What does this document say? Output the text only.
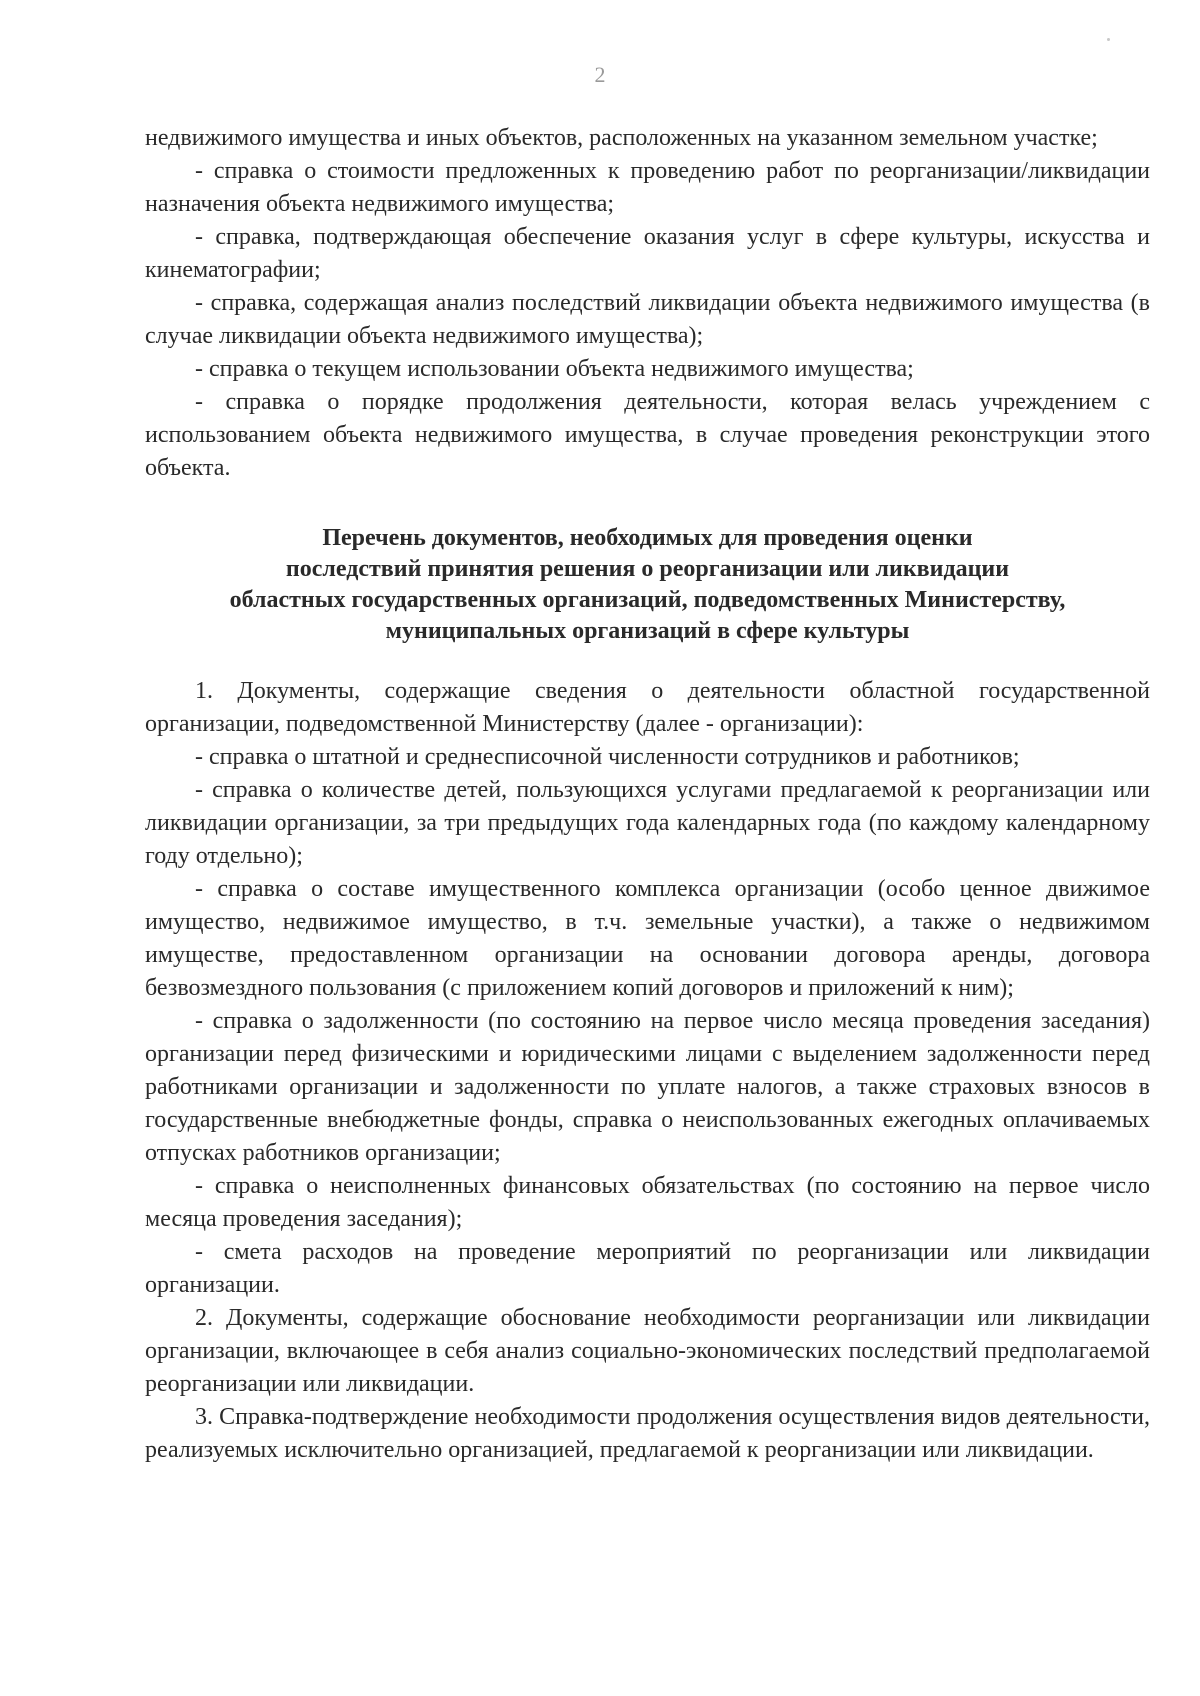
2

недвижимого имущества и иных объектов, расположенных на указанном земельном участке;

- справка о стоимости предложенных к проведению работ по реорганизации/ликвидации назначения объекта недвижимого имущества;

- справка, подтверждающая обеспечение оказания услуг в сфере культуры, искусства и кинематографии;

- справка, содержащая анализ последствий ликвидации объекта недвижимого имущества (в случае ликвидации объекта недвижимого имущества);

- справка о текущем использовании объекта недвижимого имущества;

- справка о порядке продолжения деятельности, которая велась учреждением с использованием объекта недвижимого имущества, в случае проведения реконструкции этого объекта.

Перечень документов, необходимых для проведения оценки
последствий принятия решения о реорганизации или ликвидации
областных государственных организаций, подведомственных Министерству,
муниципальных организаций в сфере культуры

1. Документы, содержащие сведения о деятельности областной государственной организации, подведомственной Министерству (далее - организации):

- справка о штатной и среднесписочной численности сотрудников и работников;

- справка о количестве детей, пользующихся услугами предлагаемой к реорганизации или ликвидации организации, за три предыдущих года календарных года (по каждому календарному году отдельно);

- справка о составе имущественного комплекса организации (особо ценное движимое имущество, недвижимое имущество, в т.ч. земельные участки), а также о недвижимом имуществе, предоставленном организации на основании договора аренды, договора безвозмездного пользования (с приложением копий договоров и приложений к ним);

- справка о задолженности (по состоянию на первое число месяца проведения заседания) организации перед физическими и юридическими лицами с выделением задолженности перед работниками организации и задолженности по уплате налогов, а также страховых взносов в государственные внебюджетные фонды, справка о неиспользованных ежегодных оплачиваемых отпусках работников организации;

- справка о неисполненных финансовых обязательствах (по состоянию на первое число месяца проведения заседания);

- смета расходов на проведение мероприятий по реорганизации или ликвидации организации.

2. Документы, содержащие обоснование необходимости реорганизации или ликвидации организации, включающее в себя анализ социально-экономических последствий предполагаемой реорганизации или ликвидации.

3. Справка-подтверждение необходимости продолжения осуществления видов деятельности, реализуемых исключительно организацией, предлагаемой к реорганизации или ликвидации.
